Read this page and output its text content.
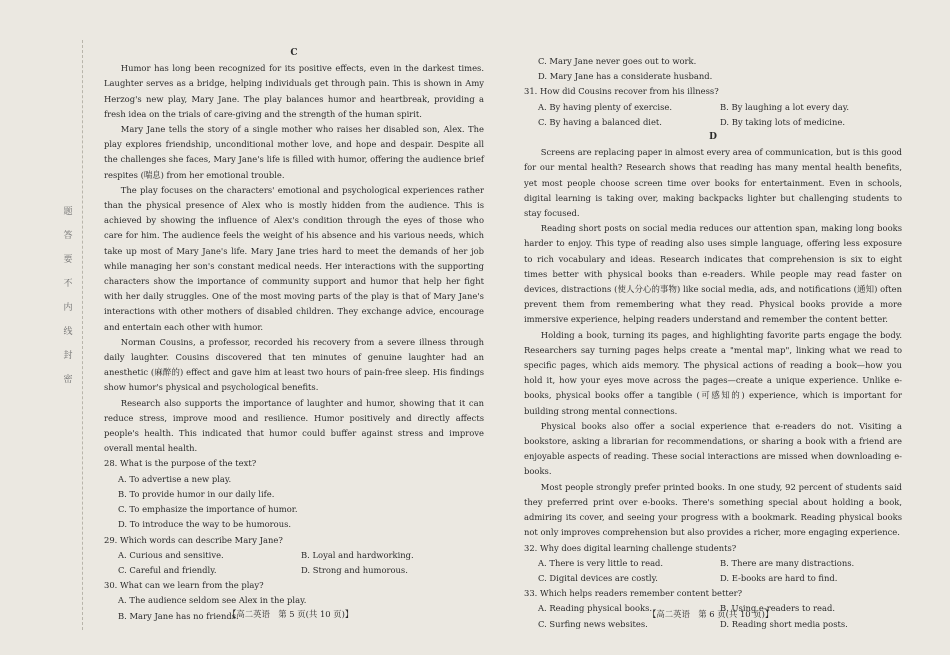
题
答
要
不
内
线
封
密

C

Humor has long been recognized for its positive effects, even in the darkest times. Laughter serves as a bridge, helping individuals get through pain. This is shown in Amy Herzog's new play, Mary Jane. The play balances humor and heartbreak, providing a fresh idea on the trials of care-giving and the strength of the human spirit.

Mary Jane tells the story of a single mother who raises her disabled son, Alex. The play explores friendship, unconditional mother love, and hope and despair. Despite all the challenges she faces, Mary Jane's life is filled with humor, offering the audience brief respites (喘息) from her emotional trouble.

The play focuses on the characters' emotional and psychological experiences rather than the physical presence of Alex who is mostly hidden from the audience. This is achieved by showing the influence of Alex's condition through the eyes of those who care for him. The audience feels the weight of his absence and his various needs, which take up most of Mary Jane's life. Mary Jane tries hard to meet the demands of her job while managing her son's constant medical needs. Her interactions with the supporting characters show the importance of community support and humor that help her fight with her daily struggles. One of the most moving parts of the play is that of Mary Jane's interactions with other mothers of disabled children. They exchange advice, encourage and entertain each other with humor.

Norman Cousins, a professor, recorded his recovery from a severe illness through daily laughter. Cousins discovered that ten minutes of genuine laughter had an anesthetic (麻醉的) effect and gave him at least two hours of pain-free sleep. His findings show humor's physical and psychological benefits.

Research also supports the importance of laughter and humor, showing that it can reduce stress, improve mood and resilience. Humor positively and directly affects people's health. This indicated that humor could buffer against stress and improve overall mental health.

28. What is the purpose of the text?

A. To advertise a new play.

B. To provide humor in our daily life.

C. To emphasize the importance of humor.

D. To introduce the way to be humorous.

29. Which words can describe Mary Jane?

A. Curious and sensitive.	B. Loyal and hardworking.
C. Careful and friendly.	D. Strong and humorous.

30. What can we learn from the play?

A. The audience seldom see Alex in the play.

B. Mary Jane has no friends.

【高二英语　第 5 页(共 10 页)】

C. Mary Jane never goes out to work.

D. Mary Jane has a considerate husband.

31. How did Cousins recover from his illness?

A. By having plenty of exercise.	B. By laughing a lot every day.
C. By having a balanced diet.	D. By taking lots of medicine.

D

Screens are replacing paper in almost every area of communication, but is this good for our mental health? Research shows that reading has many mental health benefits, yet most people choose screen time over books for entertainment. Even in schools, digital learning is taking over, making backpacks lighter but challenging students to stay focused.

Reading short posts on social media reduces our attention span, making long books harder to enjoy. This type of reading also uses simple language, offering less exposure to rich vocabulary and ideas. Research indicates that comprehension is six to eight times better with physical books than e-readers. While people may read faster on devices, distractions (使人分心的事物) like social media, ads, and notifications (通知) often prevent them from remembering what they read. Physical books provide a more immersive experience, helping readers understand and remember the content better.

Holding a book, turning its pages, and highlighting favorite parts engage the body. Researchers say turning pages helps create a "mental map", linking what we read to specific pages, which aids memory. The physical actions of reading a book—how you hold it, how your eyes move across the pages—create a unique experience. Unlike e-books, physical books offer a tangible (可感知的) experience, which is important for building strong mental connections.

Physical books also offer a social experience that e-readers do not. Visiting a bookstore, asking a librarian for recommendations, or sharing a book with a friend are enjoyable aspects of reading. These social interactions are missed when downloading e-books.

Most people strongly prefer printed books. In one study, 92 percent of students said they preferred print over e-books. There's something special about holding a book, admiring its cover, and seeing your progress with a bookmark. Reading physical books not only improves comprehension but also provides a richer, more engaging experience.

32. Why does digital learning challenge students?

A. There is very little to read.	B. There are many distractions.
C. Digital devices are costly.	D. E-books are hard to find.

33. Which helps readers remember content better?

A. Reading physical books.	B. Using e-readers to read.
C. Surfing news websites.	D. Reading short media posts.
【高二英语　第 6 页(共 10 页)】
